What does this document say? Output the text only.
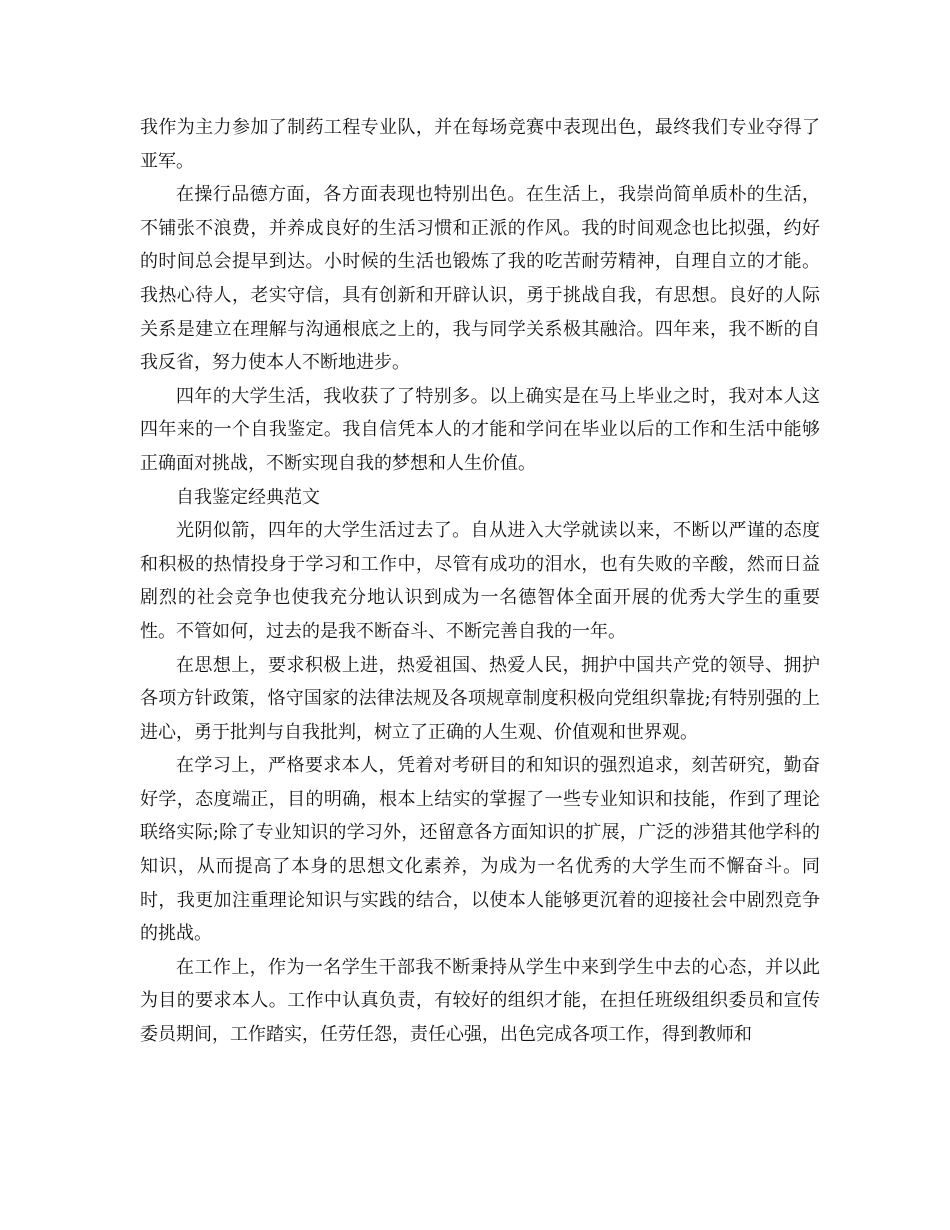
我作为主力参加了制药工程专业队，并在每场竞赛中表现出色，最终我们专业夺得了亚军。

在操行品德方面，各方面表现也特别出色。在生活上，我崇尚简单质朴的生活，不铺张不浪费，并养成良好的生活习惯和正派的作风。我的时间观念也比拟强，约好的时间总会提早到达。小时候的生活也锻炼了我的吃苦耐劳精神，自理自立的才能。我热心待人，老实守信，具有创新和开辟认识，勇于挑战自我，有思想。良好的人际关系是建立在理解与沟通根底之上的，我与同学关系极其融洽。四年来，我不断的自我反省，努力使本人不断地进步。

四年的大学生活，我收获了了特别多。以上确实是在马上毕业之时，我对本人这四年来的一个自我鉴定。我自信凭本人的才能和学问在毕业以后的工作和生活中能够正确面对挑战，不断实现自我的梦想和人生价值。

自我鉴定经典范文

光阴似箭，四年的大学生活过去了。自从进入大学就读以来，不断以严谨的态度和积极的热情投身于学习和工作中，尽管有成功的泪水，也有失败的辛酸，然而日益剧烈的社会竞争也使我充分地认识到成为一名德智体全面开展的优秀大学生的重要性。不管如何，过去的是我不断奋斗、不断完善自我的一年。

在思想上，要求积极上进，热爱祖国、热爱人民，拥护中国共产党的领导、拥护各项方针政策，恪守国家的法律法规及各项规章制度积极向党组织靠拢;有特别强的上进心，勇于批判与自我批判，树立了正确的人生观、价值观和世界观。

在学习上，严格要求本人，凭着对考研目的和知识的强烈追求，刻苦研究，勤奋好学，态度端正，目的明确，根本上结实的掌握了一些专业知识和技能，作到了理论联络实际;除了专业知识的学习外，还留意各方面知识的扩展，广泛的涉猎其他学科的知识，从而提高了本身的思想文化素养，为成为一名优秀的大学生而不懈奋斗。同时，我更加注重理论知识与实践的结合，以使本人能够更沉着的迎接社会中剧烈竞争的挑战。

在工作上，作为一名学生干部我不断秉持从学生中来到学生中去的心态，并以此为目的要求本人。工作中认真负责，有较好的组织才能，在担任班级组织委员和宣传委员期间，工作踏实，任劳任怨，责任心强，出色完成各项工作，得到教师和
